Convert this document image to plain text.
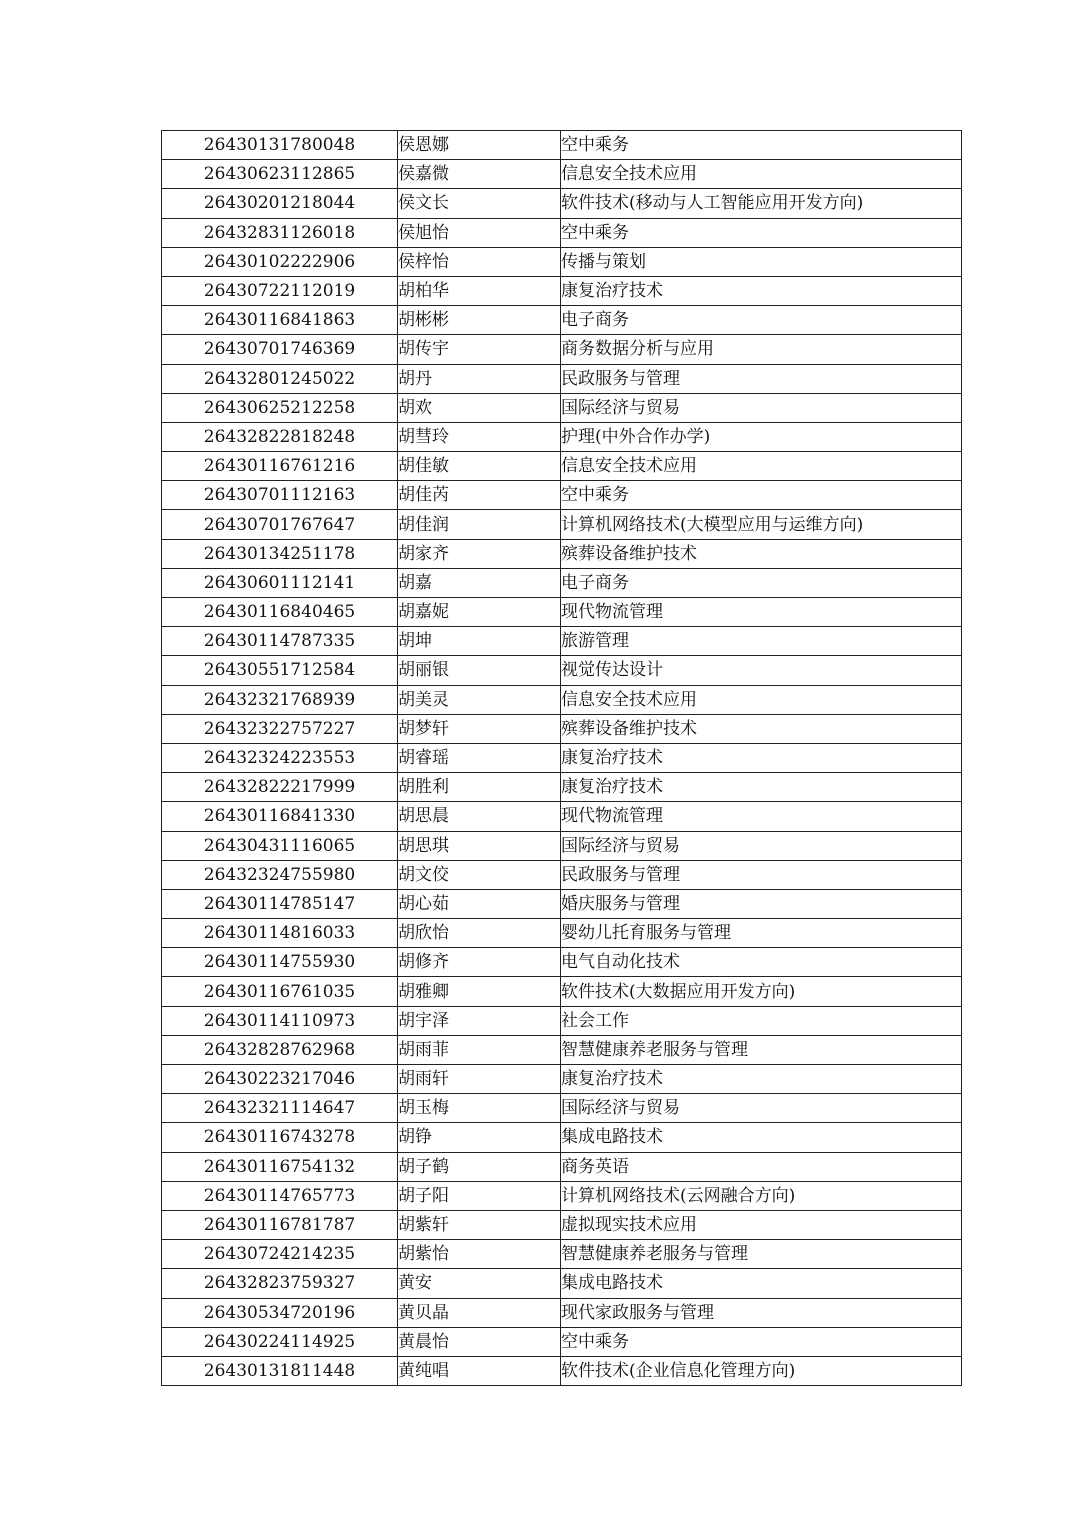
26430131780048	侯恩娜	空中乘务
26430623112865	侯嘉微	信息安全技术应用
26430201218044	侯文长	软件技术(移动与人工智能应用开发方向)
26432831126018	侯旭怡	空中乘务
26430102222906	侯梓怡	传播与策划
26430722112019	胡柏华	康复治疗技术
26430116841863	胡彬彬	电子商务
26430701746369	胡传宇	商务数据分析与应用
26432801245022	胡丹	民政服务与管理
26430625212258	胡欢	国际经济与贸易
26432822818248	胡彗玲	护理(中外合作办学)
26430116761216	胡佳敏	信息安全技术应用
26430701112163	胡佳芮	空中乘务
26430701767647	胡佳润	计算机网络技术(大模型应用与运维方向)
26430134251178	胡家齐	殡葬设备维护技术
26430601112141	胡嘉	电子商务
26430116840465	胡嘉妮	现代物流管理
26430114787335	胡坤	旅游管理
26430551712584	胡丽银	视觉传达设计
26432321768939	胡美灵	信息安全技术应用
26432322757227	胡梦轩	殡葬设备维护技术
26432324223553	胡睿瑶	康复治疗技术
26432822217999	胡胜利	康复治疗技术
26430116841330	胡思晨	现代物流管理
26430431116065	胡思琪	国际经济与贸易
26432324755980	胡文佼	民政服务与管理
26430114785147	胡心茹	婚庆服务与管理
26430114816033	胡欣怡	婴幼儿托育服务与管理
26430114755930	胡修齐	电气自动化技术
26430116761035	胡雅卿	软件技术(大数据应用开发方向)
26430114110973	胡宇泽	社会工作
26432828762968	胡雨菲	智慧健康养老服务与管理
26430223217046	胡雨轩	康复治疗技术
26432321114647	胡玉梅	国际经济与贸易
26430116743278	胡铮	集成电路技术
26430116754132	胡子鹤	商务英语
26430114765773	胡子阳	计算机网络技术(云网融合方向)
26430116781787	胡紫轩	虚拟现实技术应用
26430724214235	胡紫怡	智慧健康养老服务与管理
26432823759327	黄安	集成电路技术
26430534720196	黄贝晶	现代家政服务与管理
26430224114925	黄晨怡	空中乘务
26430131811448	黄纯唱	软件技术(企业信息化管理方向)
